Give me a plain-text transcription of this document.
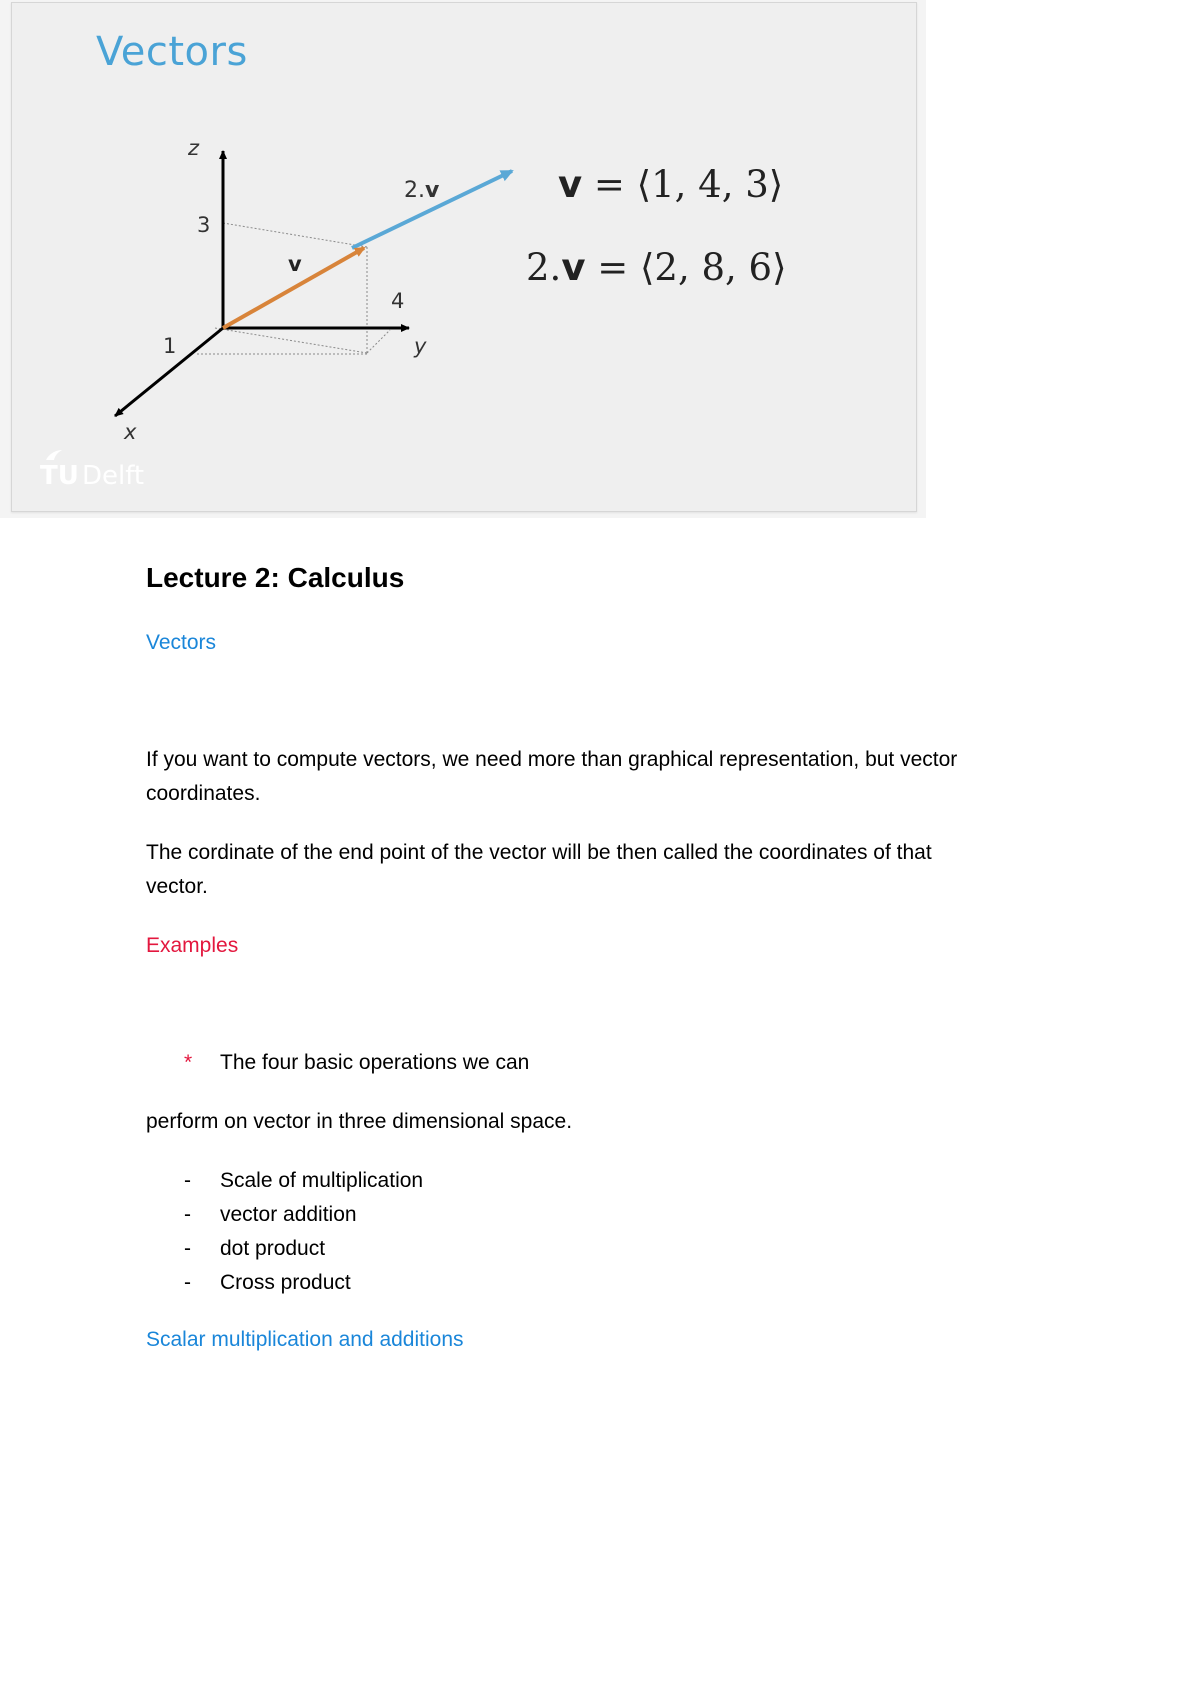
Vectors
z
y
x
3
4
1
v
2.v	v = ⟨1, 4, 3⟩
2.v = ⟨2, 8, 6⟩
TU Delft
Lecture 2: Calculus

Vectors

If you want to compute vectors, we need more than graphical representation, but vector

coordinates.

The cordinate of the end point of the vector will be then called the coordinates of that

vector.

Examples

*	The four basic operations we can

perform on vector in three dimensional space.

-	Scale of multiplication
-	vector addition
-	dot product
-	Cross product

Scalar multiplication and additions
